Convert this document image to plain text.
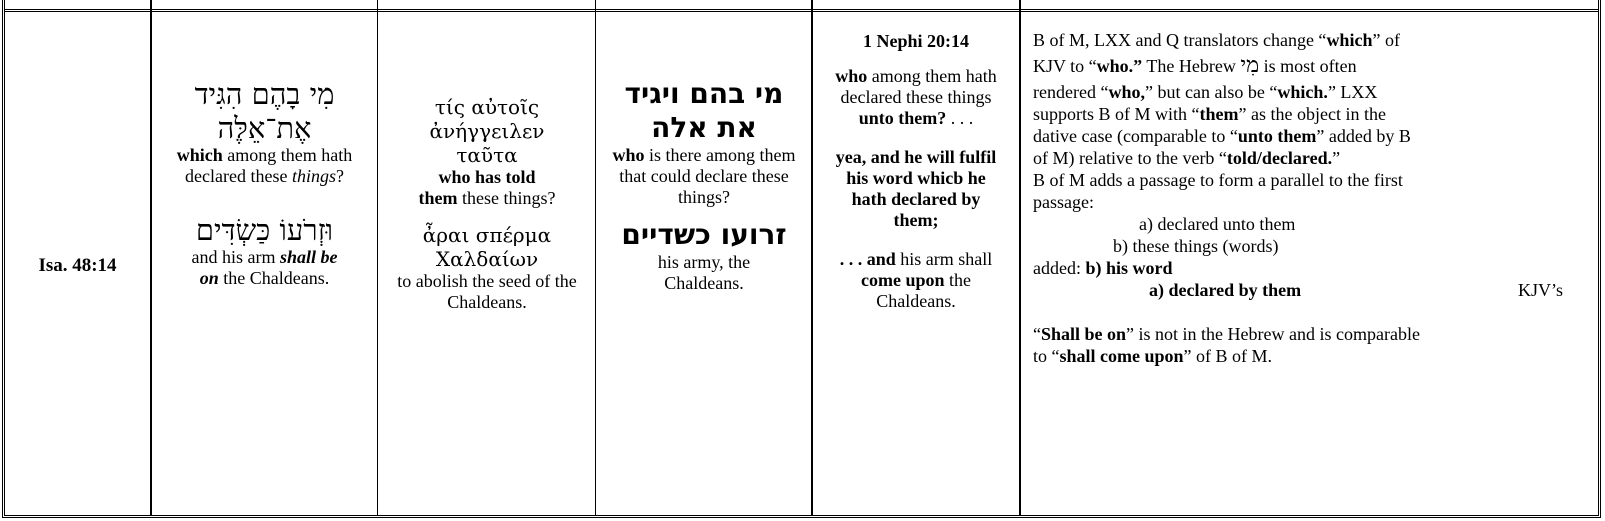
Isa. 48:14
מִי בָהֶם הִגִּיד
אֶת־אֵלֶּה
which among them hath declared these things?
וּזְרֹעוֹ כַּשְׂדִּים
and his arm shall be
on the Chaldeans.
τίς αὐτοῖς
ἀνήγγειλεν
ταῦτα
who has told
them these things?
ἆραι σπέρμα
Χαλδαίων
to abolish the seed of the Chaldeans.
מי בהם ויגיד
את אלה
who is there among them that could declare these things?
זרועו כשדיים
his army, the Chaldeans.
1 Nephi 20:14
who among them hath declared these things unto them? . . .
yea, and he will fulfil his word whicb he hath declared by them;
. . . and his arm shall come upon the Chaldeans.

B of M, LXX and Q translators change “which” of

KJV to “who.” The Hebrew מִי is most often

rendered “who,” but can also be “which.” LXX

supports B of M with “them” as the object in the

dative case (comparable to “unto them” added by B

of M) relative to the verb “told/declared.”

B of M adds a passage to form a parallel to the first

passage:

a) declared unto them

b) these things (words)

added: b) his word

a) declared by them	KJV’s

“Shall be on” is not in the Hebrew and is comparable

to “shall come upon” of B of M.
